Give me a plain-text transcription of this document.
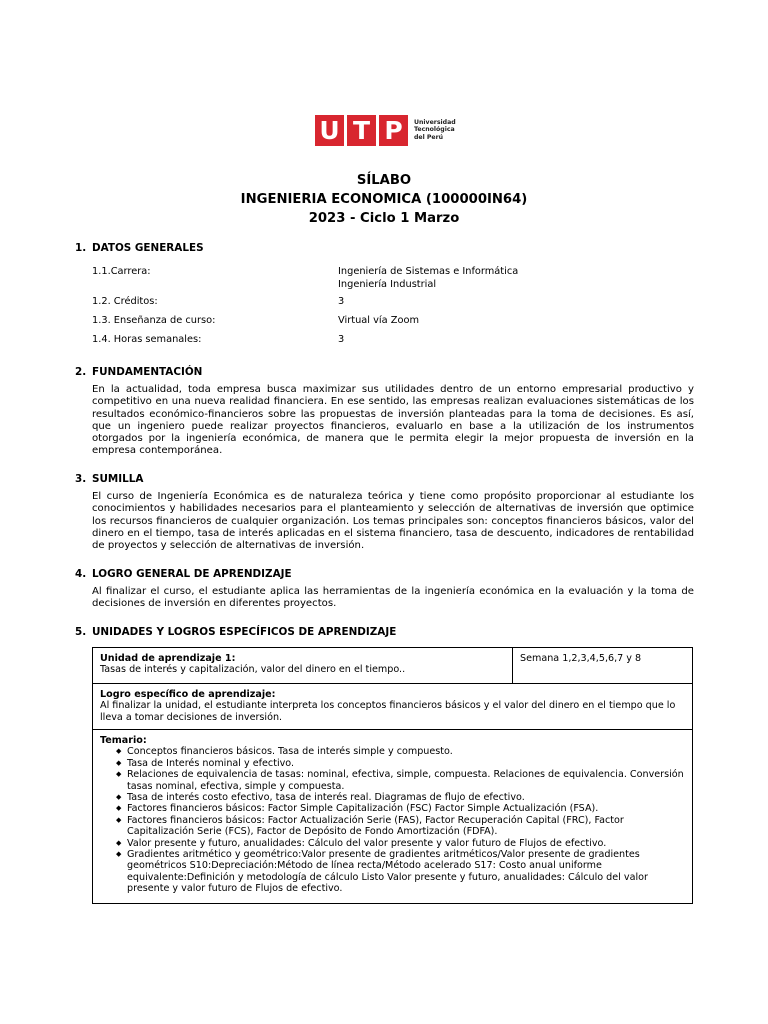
U T P	Universidad
Tecnológica
del Perú
SÍLABO
INGENIERIA ECONOMICA (100000IN64)
2023 - Ciclo 1 Marzo
1. DATOS GENERALES
1.1.Carrera:	Ingeniería de Sistemas e Informática
Ingeniería Industrial
1.2. Créditos:	3
1.3. Enseñanza de curso:	Virtual vía Zoom
1.4. Horas semanales:	3
2. FUNDAMENTACIÓN

En la actualidad, toda empresa busca maximizar sus utilidades dentro de un entorno empresarial productivo y competitivo en una nueva realidad financiera. En ese sentido, las empresas realizan evaluaciones sistemáticas de los resultados económico-financieros sobre las propuestas de inversión planteadas para la toma de decisiones. Es así, que un ingeniero puede realizar proyectos financieros, evaluarlo en base a la utilización de los instrumentos otorgados por la ingeniería económica, de manera que le permita elegir la mejor propuesta de inversión en la empresa contemporánea.

3. SUMILLA

El curso de Ingeniería Económica es de naturaleza teórica y tiene como propósito proporcionar al estudiante los conocimientos y habilidades necesarios para el planteamiento y selección de alternativas de inversión que optimice los recursos financieros de cualquier organización. Los temas principales son: conceptos financieros básicos, valor del dinero en el tiempo, tasa de interés aplicadas en el sistema financiero, tasa de descuento, indicadores de rentabilidad de proyectos y selección de alternativas de inversión.

4. LOGRO GENERAL DE APRENDIZAJE

Al finalizar el curso, el estudiante aplica las herramientas de la ingeniería económica en la evaluación y la toma de decisiones de inversión en diferentes proyectos.

5. UNIDADES Y LOGROS ESPECÍFICOS DE APRENDIZAJE
Unidad de aprendizaje 1:
Tasas de interés y capitalización, valor del dinero en el tiempo..
Semana 1,2,3,4,5,6,7 y 8
Logro específico de aprendizaje:
Al finalizar la unidad, el estudiante interpreta los conceptos financieros básicos y el valor del dinero en el tiempo que lo lleva a tomar decisiones de inversión.
Temario:
◆ Conceptos financieros básicos. Tasa de interés simple y compuesto.
◆ Tasa de Interés nominal y efectivo.
◆ Relaciones de equivalencia de tasas: nominal, efectiva, simple, compuesta. Relaciones de equivalencia. Conversión tasas nominal, efectiva, simple y compuesta.
◆ Tasa de interés costo efectivo, tasa de interés real. Diagramas de flujo de efectivo.
◆ Factores financieros básicos: Factor Simple Capitalización (FSC) Factor Simple Actualización (FSA).
◆ Factores financieros básicos: Factor Actualización Serie (FAS), Factor Recuperación Capital (FRC), Factor Capitalización Serie (FCS), Factor de Depósito de Fondo Amortización (FDFA).
◆ Valor presente y futuro, anualidades: Cálculo del valor presente y valor futuro de Flujos de efectivo.
◆ Gradientes aritmético y geométrico:Valor presente de gradientes aritméticos/Valor presente de gradientes geométricos S10:Depreciación:Método de línea recta/Método acelerado S17: Costo anual uniforme equivalente:Definición y metodología de cálculo Listo Valor presente y futuro, anualidades: Cálculo del valor presente y valor futuro de Flujos de efectivo.
